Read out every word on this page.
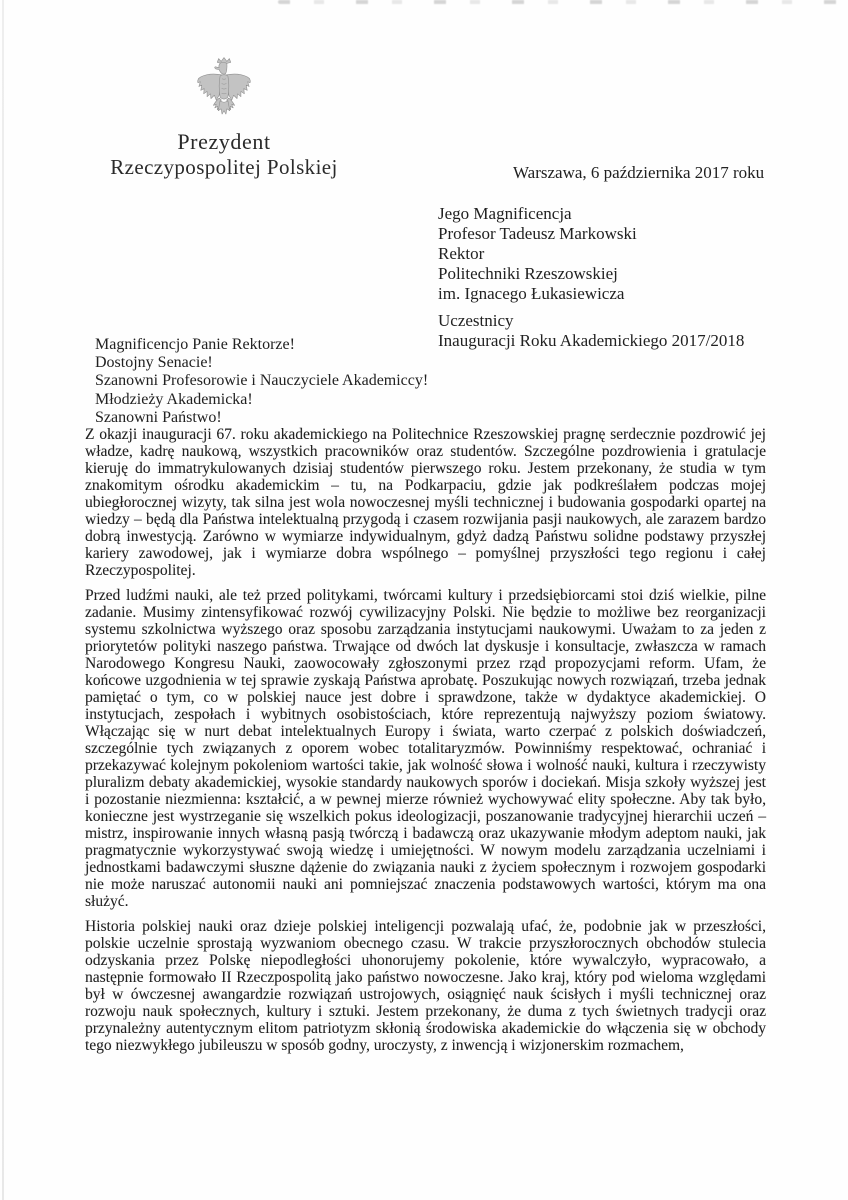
Prezydent
Rzeczypospolitej Polskiej	Warszawa, 6 października 2017 roku
Jego Magnificencja
Profesor Tadeusz Markowski
Rektor
Politechniki Rzeszowskiej
im. Ignacego Łukasiewicza
Uczestnicy
Inauguracji Roku Akademickiego 2017/2018
Magnificencjo Panie Rektorze!
Dostojny Senacie!
Szanowni Profesorowie i Nauczyciele Akademiccy!
Młodzieży Akademicka!
Szanowni Państwo!

Z okazji inauguracji 67. roku akademickiego na Politechnice Rzeszowskiej pragnę serdecznie pozdrowić jej władze, kadrę naukową, wszystkich pracowników oraz studentów. Szczególne pozdrowienia i gratulacje kieruję do immatrykulowanych dzisiaj studentów pierwszego roku. Jestem przekonany, że studia w tym znakomitym ośrodku akademickim – tu, na Podkarpaciu, gdzie jak podkreślałem podczas mojej ubiegłorocznej wizyty, tak silna jest wola nowoczesnej myśli technicznej i budowania gospodarki opartej na wiedzy – będą dla Państwa intelektualną przygodą i czasem rozwijania pasji naukowych, ale zarazem bardzo dobrą inwestycją. Zarówno w wymiarze indywidualnym, gdyż dadzą Państwu solidne podstawy przyszłej kariery zawodowej, jak i wymiarze dobra wspólnego – pomyślnej przyszłości tego regionu i całej Rzeczypospolitej.

Przed ludźmi nauki, ale też przed politykami, twórcami kultury i przedsiębiorcami stoi dziś wielkie, pilne zadanie. Musimy zintensyfikować rozwój cywilizacyjny Polski. Nie będzie to możliwe bez reorganizacji systemu szkolnictwa wyższego oraz sposobu zarządzania instytucjami naukowymi. Uważam to za jeden z priorytetów polityki naszego państwa. Trwające od dwóch lat dyskusje i konsultacje, zwłaszcza w ramach Narodowego Kongresu Nauki, zaowocowały zgłoszonymi przez rząd propozycjami reform. Ufam, że końcowe uzgodnienia w tej sprawie zyskają Państwa aprobatę. Poszukując nowych rozwiązań, trzeba jednak pamiętać o tym, co w polskiej nauce jest dobre i sprawdzone, także w dydaktyce akademickiej. O instytucjach, zespołach i wybitnych osobistościach, które reprezentują najwyższy poziom światowy. Włączając się w nurt debat intelektualnych Europy i świata, warto czerpać z polskich doświadczeń, szczególnie tych związanych z oporem wobec totalitaryzmów. Powinniśmy respektować, ochraniać i przekazywać kolejnym pokoleniom wartości takie, jak wolność słowa i wolność nauki, kultura i rzeczywisty pluralizm debaty akademickiej, wysokie standardy naukowych sporów i dociekań. Misja szkoły wyższej jest i pozostanie niezmienna: kształcić, a w pewnej mierze również wychowywać elity społeczne. Aby tak było, konieczne jest wystrzeganie się wszelkich pokus ideologizacji, poszanowanie tradycyjnej hierarchii uczeń – mistrz, inspirowanie innych własną pasją twórczą i badawczą oraz ukazywanie młodym adeptom nauki, jak pragmatycznie wykorzystywać swoją wiedzę i umiejętności. W nowym modelu zarządzania uczelniami i jednostkami badawczymi słuszne dążenie do związania nauki z życiem społecznym i rozwojem gospodarki nie może naruszać autonomii nauki ani pomniejszać znaczenia podstawowych wartości, którym ma ona służyć.

Historia polskiej nauki oraz dzieje polskiej inteligencji pozwalają ufać, że, podobnie jak w przeszłości, polskie uczelnie sprostają wyzwaniom obecnego czasu. W trakcie przyszłorocznych obchodów stulecia odzyskania przez Polskę niepodległości uhonorujemy pokolenie, które wywalczyło, wypracowało, a następnie formowało II Rzeczpospolitą jako państwo nowoczesne. Jako kraj, który pod wieloma względami był w ówczesnej awangardzie rozwiązań ustrojowych, osiągnięć nauk ścisłych i myśli technicznej oraz rozwoju nauk społecznych, kultury i sztuki. Jestem przekonany, że duma z tych świetnych tradycji oraz przynależny autentycznym elitom patriotyzm skłonią środowiska akademickie do włączenia się w obchody tego niezwykłego jubileuszu w sposób godny, uroczysty, z inwencją i wizjonerskim rozmachem,
